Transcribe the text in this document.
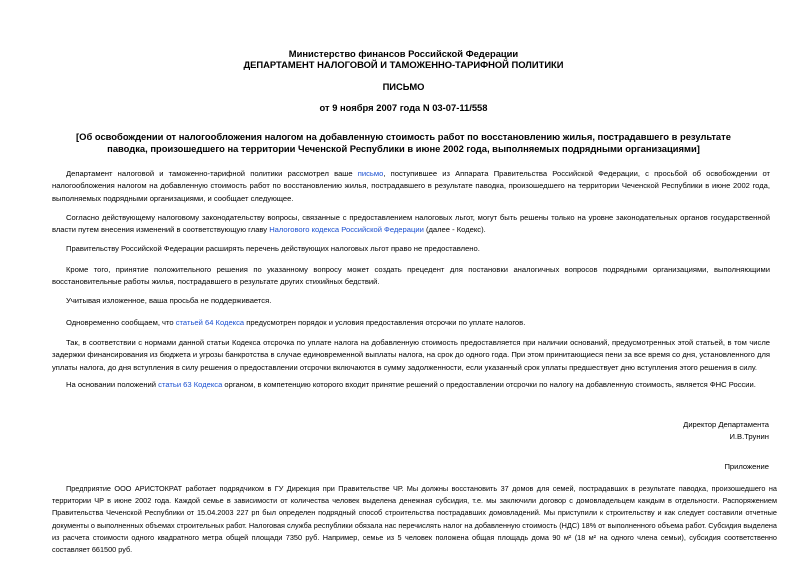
Министерство финансов Российской Федерации
ДЕПАРТАМЕНТ НАЛОГОВОЙ И ТАМОЖЕННО-ТАРИФНОЙ ПОЛИТИКИ
ПИСЬМО
от 9 ноября 2007 года N 03-07-11/558
[Об освобождении от налогообложения налогом на добавленную стоимость работ по восстановлению жилья, пострадавшего в результате паводка, произошедшего на территории Чеченской Республики в июне 2002 года, выполняемых подрядными организациями]
Департамент налоговой и таможенно-тарифной политики рассмотрел ваше письмо, поступившее из Аппарата Правительства Российской Федерации, с просьбой об освобождении от налогообложения налогом на добавленную стоимость работ по восстановлению жилья, пострадавшего в результате паводка, произошедшего на территории Чеченской Республики в июне 2002 года, выполняемых подрядными организациями, и сообщает следующее.
Согласно действующему налоговому законодательству вопросы, связанные с предоставлением налоговых льгот, могут быть решены только на уровне законодательных органов государственной власти путем внесения изменений в соответствующую главу Налогового кодекса Российской Федерации (далее - Кодекс).
Правительству Российской Федерации расширять перечень действующих налоговых льгот право не предоставлено.
Кроме того, принятие положительного решения по указанному вопросу может создать прецедент для постановки аналогичных вопросов подрядными организациями, выполняющими восстановительные работы жилья, пострадавшего в результате других стихийных бедствий.
Учитывая изложенное, ваша просьба не поддерживается.
Одновременно сообщаем, что статьей 64 Кодекса предусмотрен порядок и условия предоставления отсрочки по уплате налогов.
Так, в соответствии с нормами данной статьи Кодекса отсрочка по уплате налога на добавленную стоимость предоставляется при наличии оснований, предусмотренных этой статьей, в том числе задержки финансирования из бюджета и угрозы банкротства в случае единовременной выплаты налога, на срок до одного года. При этом принитающиеся пени за все время со дня, установленного для уплаты налога, до дня вступления в силу решения о предоставлении отсрочки включаются в сумму задолженности, если указанный срок уплаты предшествует дню вступления этого решения в силу.
На основании положений статьи 63 Кодекса органом, в компетенцию которого входит принятие решений о предоставлении отсрочки по налогу на добавленную стоимость, является ФНС России.
Директор Департамента
И.В.Трунин
Приложение
Предприятие ООО АРИСТОКРАТ работает подрядчиком в ГУ Дирекция при Правительстве ЧР. Мы должны восстановить 37 домов для семей, пострадавших в результате паводка, произошедшего на территории ЧР в июне 2002 года. Каждой семье в зависимости от количества человек выделена денежная субсидия, т.е. мы заключили договор с домовладельцем каждым в отдельности. Распоряжением Правительства Чеченской Республики от 15.04.2003 227 рп был определен подрядный способ строительства пострадавших домовладений. Мы приступили к строительству и как следует составили отчетные документы о выполненных объемах строительных работ. Налоговая служба республики обязала нас перечислять налог на добавленную стоимость (НДС) 18% от выполненного объема работ. Субсидия выделена из расчета стоимости одного квадратного метра общей площади 7350 руб. Например, семье из 5 человек положена общая площадь дома 90 м² (18 м² на одного члена семьи), субсидия соответственно составляет 661500 руб.
